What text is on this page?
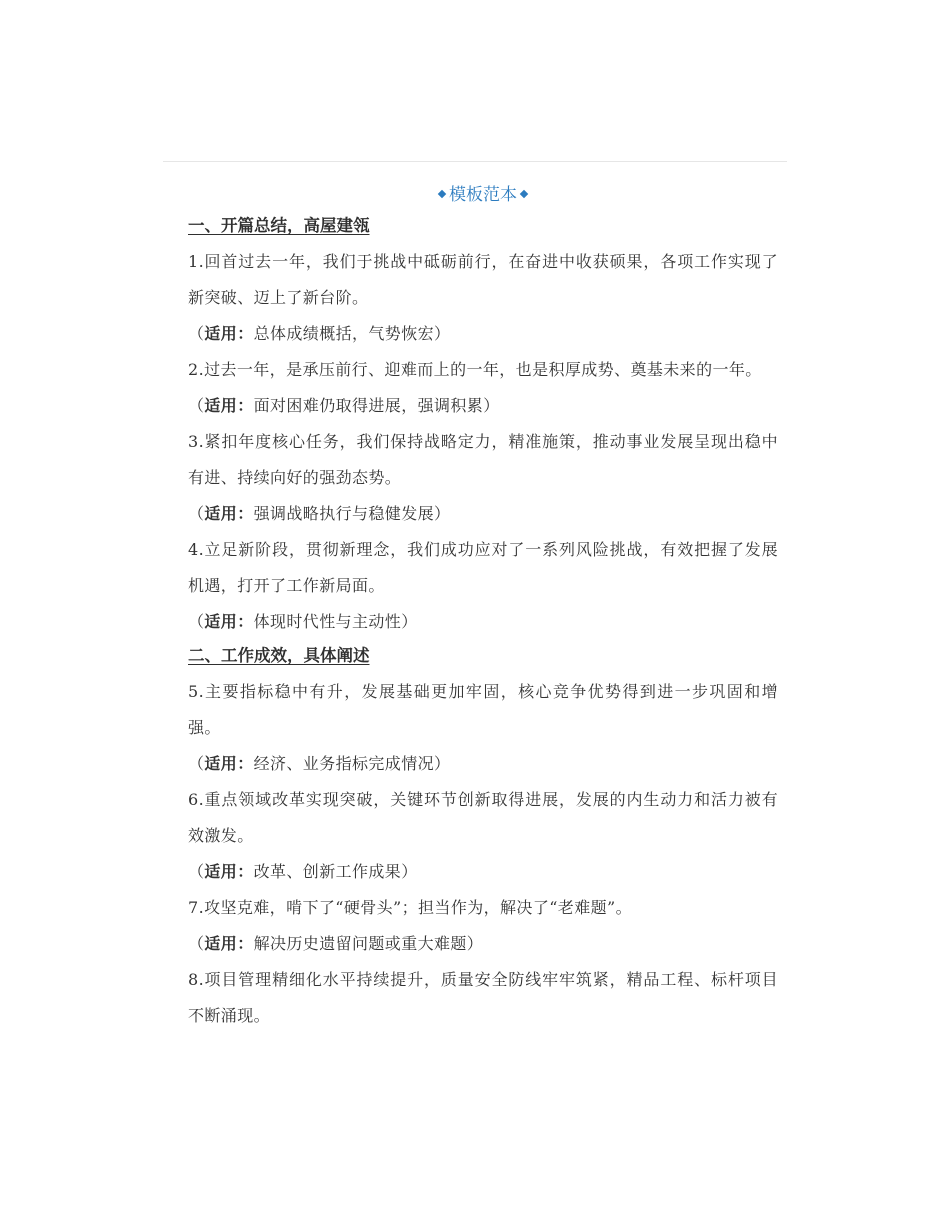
模板范本
一、开篇总结，高屋建瓴

1.回首过去一年，我们于挑战中砥砺前行，在奋进中收获硕果，各项工作实现了新突破、迈上了新台阶。

（适用：总体成绩概括，气势恢宏）

2.过去一年，是承压前行、迎难而上的一年，也是积厚成势、奠基未来的一年。

（适用：面对困难仍取得进展，强调积累）

3.紧扣年度核心任务，我们保持战略定力，精准施策，推动事业发展呈现出稳中有进、持续向好的强劲态势。

（适用：强调战略执行与稳健发展）

4.立足新阶段，贯彻新理念，我们成功应对了一系列风险挑战，有效把握了发展机遇，打开了工作新局面。

（适用：体现时代性与主动性）

二、工作成效，具体阐述

5.主要指标稳中有升，发展基础更加牢固，核心竞争优势得到进一步巩固和增强。

（适用：经济、业务指标完成情况）

6.重点领域改革实现突破，关键环节创新取得进展，发展的内生动力和活力被有效激发。

（适用：改革、创新工作成果）

7.攻坚克难，啃下了“硬骨头”；担当作为，解决了“老难题”。

（适用：解决历史遗留问题或重大难题）

8.项目管理精细化水平持续提升，质量安全防线牢牢筑紧，精品工程、标杆项目不断涌现。
